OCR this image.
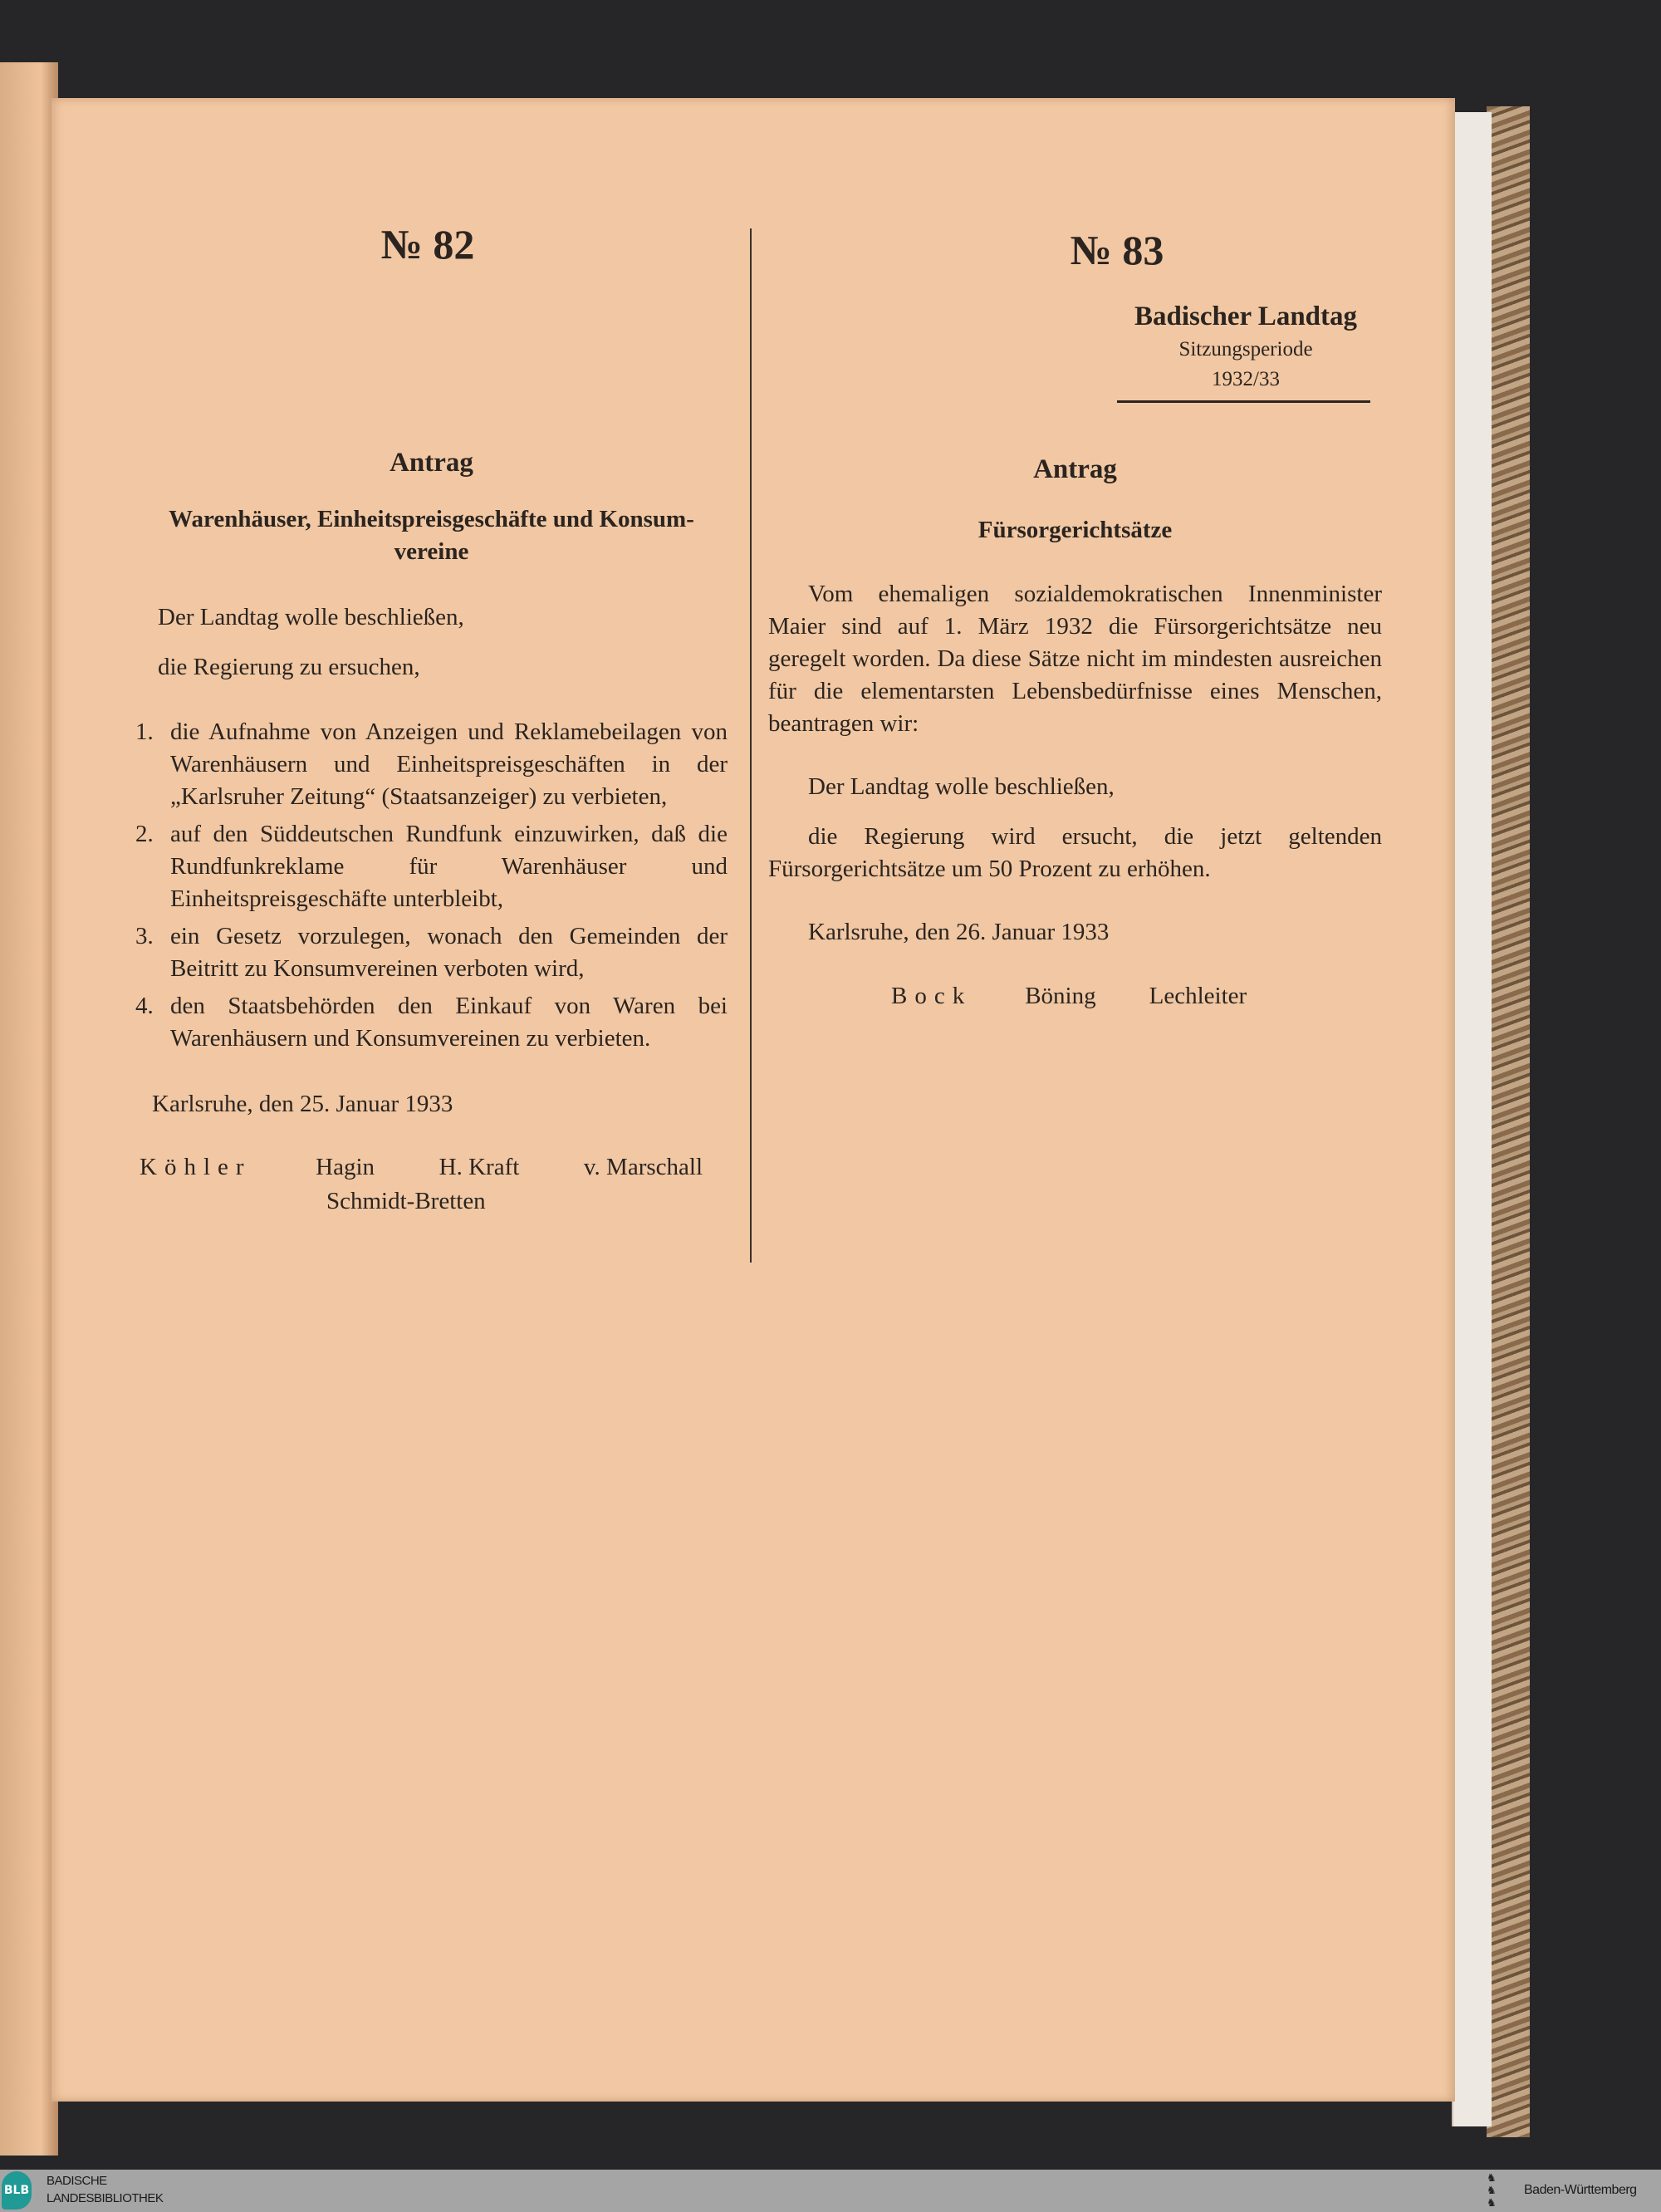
№ 82
Antrag
Warenhäuser, Einheitspreisgeschäfte und Konsum-vereine
Der Landtag wolle beschließen,
die Regierung zu ersuchen,
1. die Aufnahme von Anzeigen und Reklamebeilagen von Warenhäusern und Einheitspreisgeschäften in der „Karlsruher Zeitung“ (Staatsanzeiger) zu verbieten,
2. auf den Süddeutschen Rundfunk einzuwirken, daß die Rundfunkreklame für Warenhäuser und Einheitspreisgeschäfte unterbleibt,
3. ein Gesetz vorzulegen, wonach den Gemeinden der Beitritt zu Konsumvereinen verboten wird,
4. den Staatsbehörden den Einkauf von Waren bei Warenhäusern und Konsumvereinen zu verbieten.
Karlsruhe, den 25. Januar 1933
Köhler	Hagin	H. Kraft	v. Marschall
Schmidt-Bretten
№ 83
Badischer Landtag
Sitzungsperiode
1932/33
Antrag
Fürsorgerichtsätze
Vom ehemaligen sozialdemokratischen Innenminister Maier sind auf 1. März 1932 die Fürsorgerichtsätze neu geregelt worden. Da diese Sätze nicht im mindesten ausreichen für die elementarsten Lebensbedürfnisse eines Menschen, beantragen wir:
Der Landtag wolle beschließen,
die Regierung wird ersucht, die jetzt geltenden Fürsorgerichtsätze um 50 Prozent zu erhöhen.
Karlsruhe, den 26. Januar 1933
Bock Böning Lechleiter
BLB
BADISCHE
LANDESBIBLIOTHEK
♞
♞
♞
Baden-Württemberg
